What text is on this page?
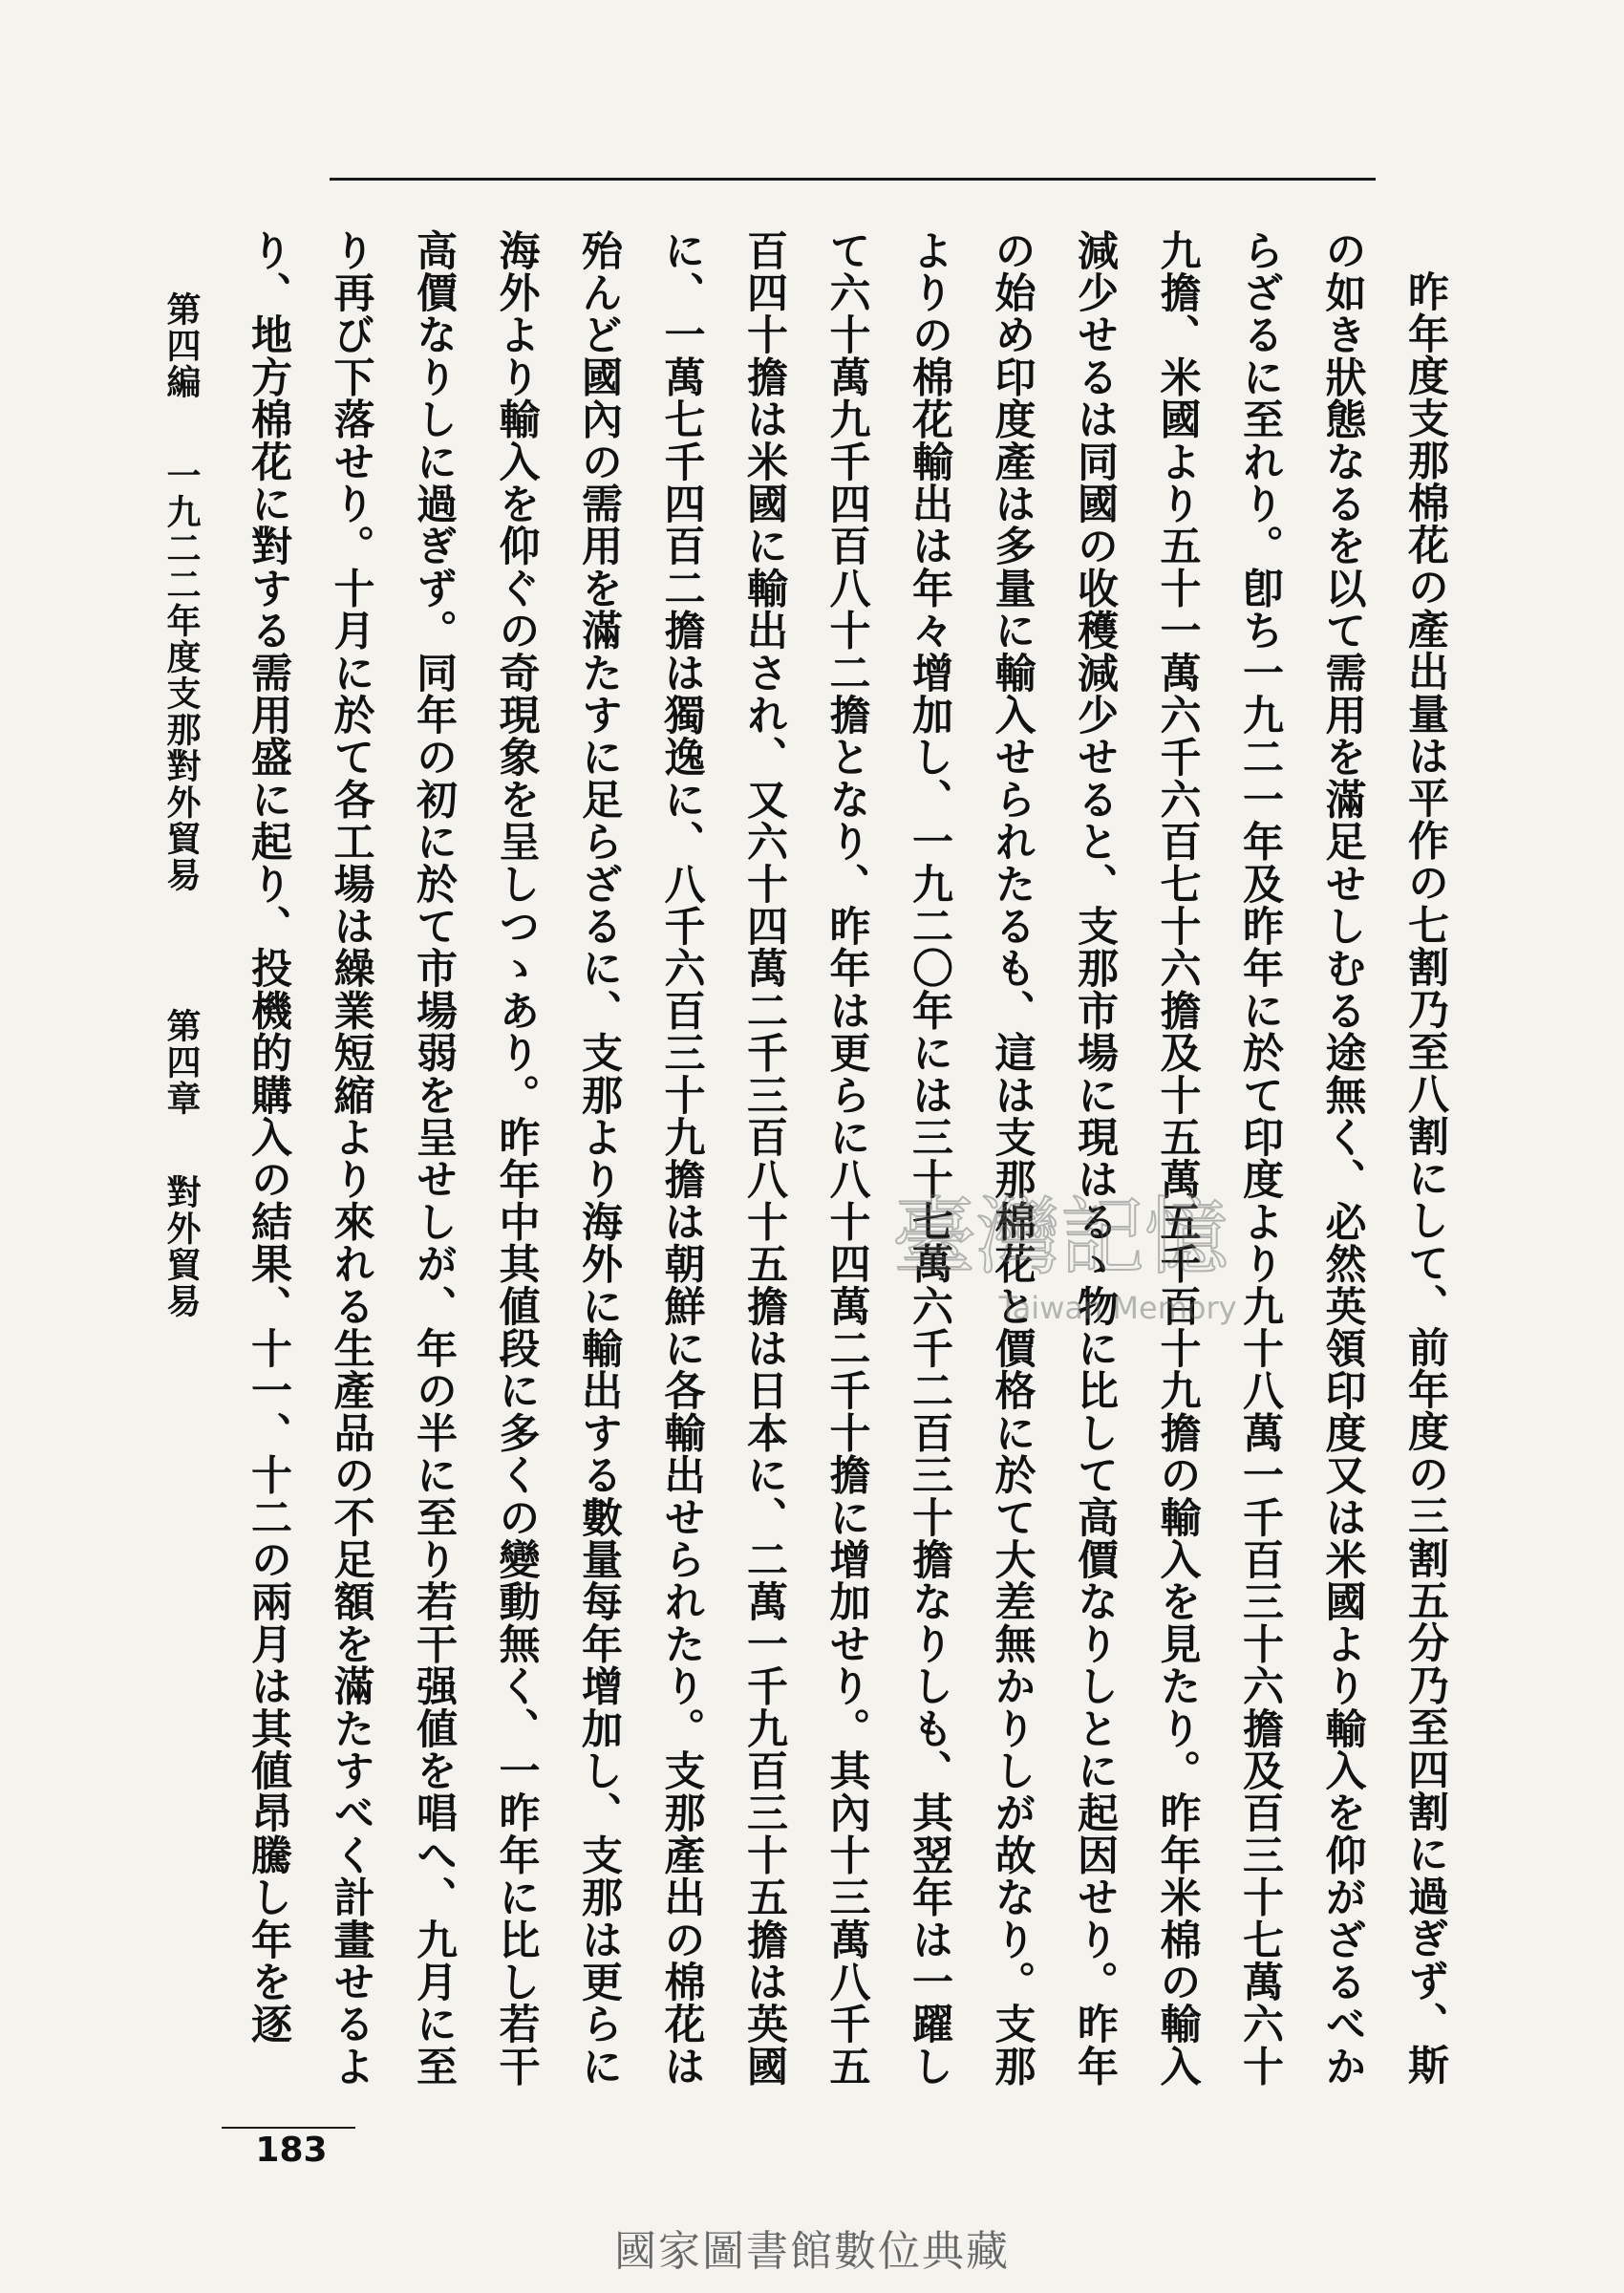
昨年度支那棉花の產出量は平作の七割乃至八割にして、前年度の三割五分乃至四割に過ぎず、斯の如き狀態なるを以て需用を滿足せしむる途無く、必然英領印度又は米國より輸入を仰がざるべからざるに至れり。卽ち一九二一年及昨年に於て印度より九十八萬一千百三十六擔及百三十七萬六十九擔、米國より五十一萬六千六百七十六擔及十五萬五千百十九擔の輸入を見たり。昨年米棉の輸入減少せるは同國の收穫減少せると、支那市場に現はるゝ物に比して高價なりしとに起因せり。昨年の始め印度產は多量に輸入せられたるも、這は支那棉花と價格に於て大差無かりしが故なり。支那よりの棉花輸出は年々增加し、一九二〇年には三十七萬六千二百三十擔なりしも、其翌年は一躍して六十萬九千四百八十二擔となり、昨年は更らに八十四萬二千十擔に增加せり。其內十三萬八千五百四十擔は米國に輸出され、又六十四萬二千三百八十五擔は日本に、二萬一千九百三十五擔は英國に、一萬七千四百二擔は獨逸に、八千六百三十九擔は朝鮮に各輸出せられたり。支那產出の棉花は殆んど國內の需用を滿たすに足らざるに、支那より海外に輸出する數量每年增加し、支那は更らに海外より輸入を仰ぐの奇現象を呈しつゝあり。昨年中其値段に多くの變動無く、一昨年に比し若干高價なりしに過ぎず。同年の初に於て市場弱を呈せしが、年の半に至り若干强値を唱へ、九月に至り再び下落せり。十月に於て各工場は繰業短縮より來れる生產品の不足額を滿たすべく計畫せるより、地方棉花に對する需用盛に起り、投機的購入の結果、十一、十二の兩月は其値昂騰し年を逐

第四編一九二二年度支那對外貿易第四章對外貿易
183
臺灣記憶
Taiwan Memory
國家圖書館數位典藏
